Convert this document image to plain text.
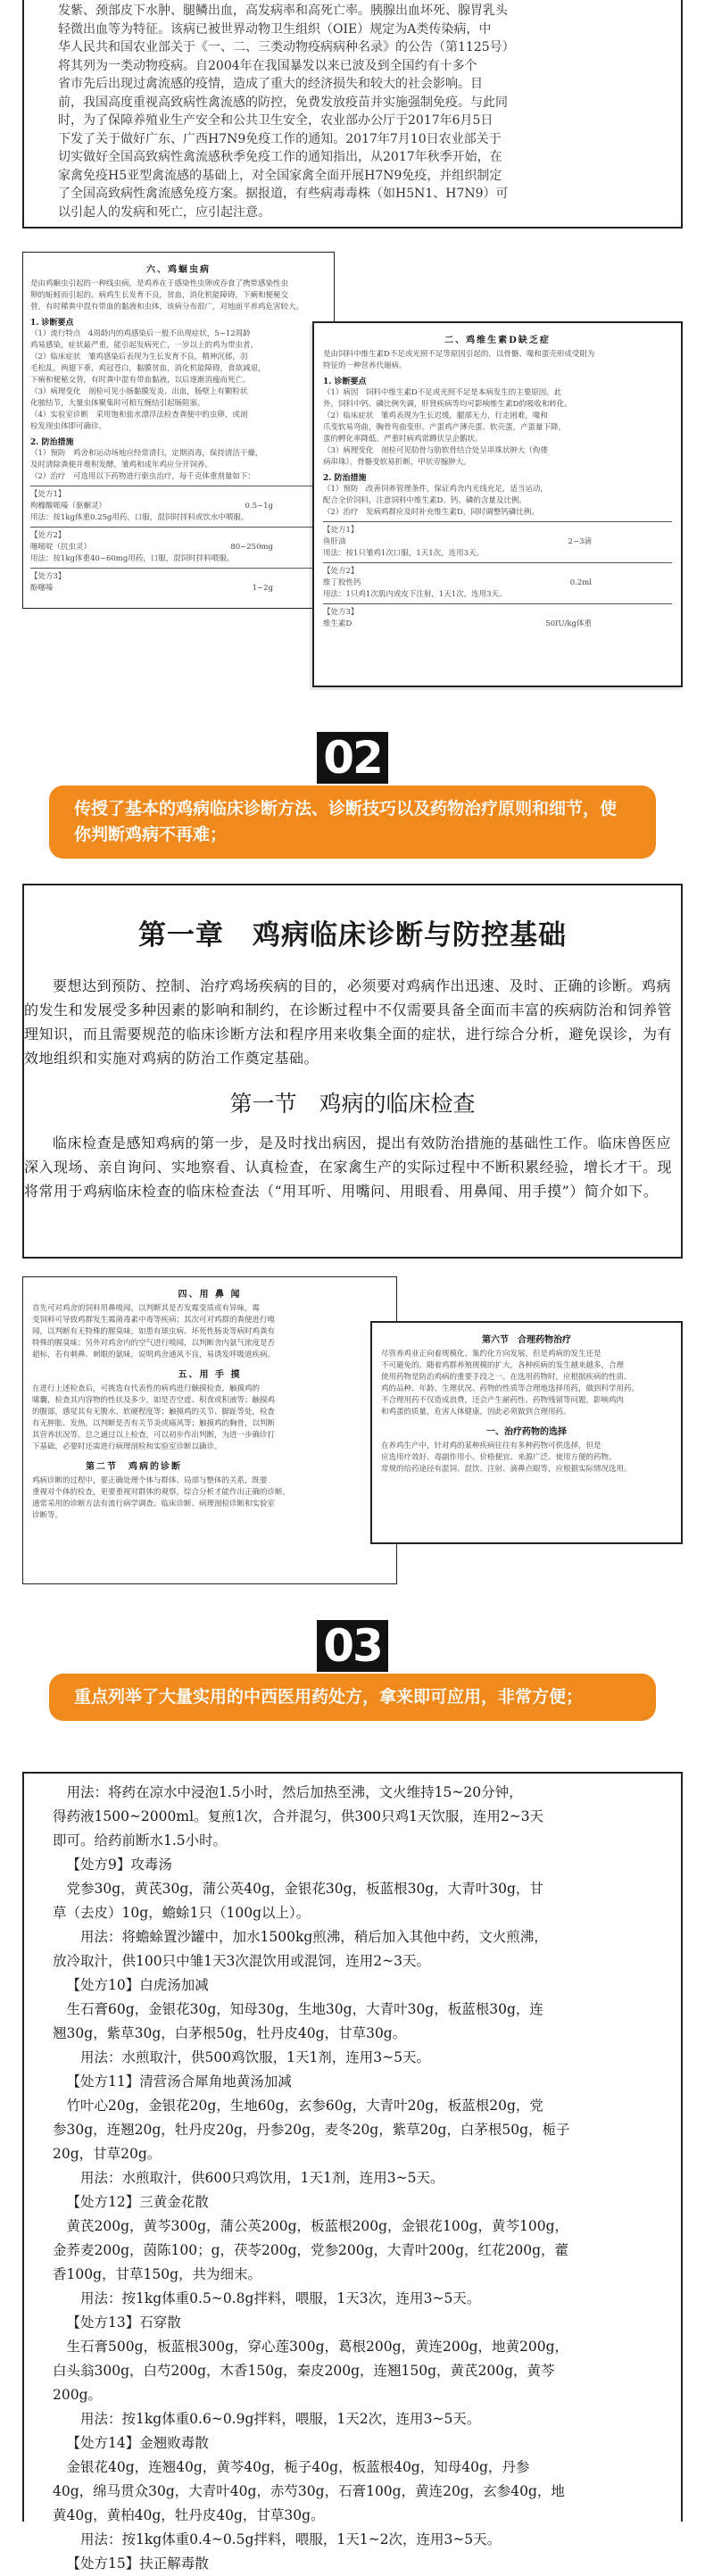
发紫、颈部皮下水肿、腿鳞出血，高发病率和高死亡率。胰腺出血坏死、腺胃乳头

轻微出血等为特征。该病已被世界动物卫生组织（OIE）规定为A类传染病，中

华人民共和国农业部关于《一、二、三类动物疫病病种名录》的公告（第1125号）

将其列为一类动物疫病。自2004年在我国暴发以来已波及到全国约有十多个

省市先后出现过禽流感的疫情，造成了重大的经济损失和较大的社会影响。目

前，我国高度重视高致病性禽流感的防控，免费发放疫苗并实施强制免疫。与此同

时，为了保障养殖业生产安全和公共卫生安全，农业部办公厅于2017年6月5日

下发了关于做好广东、广西H7N9免疫工作的通知。2017年7月10日农业部关于

切实做好全国高致病性禽流感秋季免疫工作的通知指出，从2017年秋季开始，在

家禽免疫H5亚型禽流感的基础上，对全国家禽全面开展H7N9免疫，并组织制定

了全国高致病性禽流感免疫方案。据报道，有些病毒毒株（如H5N1、H7N9）可

以引起人的发病和死亡，应引起注意。

六、鸡蛔虫病

是由鸡蛔虫引起的一种线虫病，是鸡养在于感染性虫卵或吞食了携带感染性虫

卵的蚯蚓而引起的。病鸡生长发育不良，贫血，消化机能障碍，下痢和便秘交

替，有时稀粪中混有带血的黏液和虫体，该病分布很广，对地面平养鸡危害较大。

1. 诊断要点

（1）流行特点　4周龄内的鸡感染后一般不出现症状，5~12周龄

鸡易感染，症状最严重，能引起发病死亡，一岁以上的鸡为带虫者。

（2）临床症状　雏鸡感染后表现为生长发育不良，精神沉郁，羽

毛松乱，两翅下垂，鸡冠苍白，黏膜贫血，消化机能障碍，食欲减退，

下痢和便秘交替，有时粪中混有带血黏液，以后逐渐消瘦而死亡。

（3）病理变化　剖检可见小肠黏膜发炎、出血，肠壁上有颗粒状

化脓结节，大量虫体聚集时可相互缠结引起肠阻塞。

（4）实验室诊断　采用饱和盐水漂浮法检查粪便中的虫卵，或剖

检发现虫体即可确诊。

2. 防治措施

（1）预防　鸡舍和运动场地应经常清扫，定期消毒，保持清洁干燥，

及时清除粪便并堆积发酵，雏鸡和成年鸡应分开饲养。

（2）治疗　可选用以下药物进行驱虫治疗，每千克体重剂量如下：

【处方1】

枸橼酸哌嗪（驱蛔灵）	0.5~1g

用法：按1kg体重0.25g用药，口服，混饲时拌料或饮水中喂服。

【处方2】

噻嘧啶（抗虫灵）	80~250mg

用法：按1kg体重40~60mg用药，口服，混饲时拌料喂服。

【处方3】

酚噻嗪	1~2g
二、鸡维生素D缺乏症

是由饲料中维生素D不足或光照不足等原因引起的，以骨骼、喙和蛋壳形成受阻为

特征的一种营养代谢病。

1. 诊断要点

（1）病因　饲料中维生素D不足或光照不足是本病发生的主要原因。此

外，饲料中钙、磷比例失调，肝肾疾病等均可影响维生素D的吸收和转化。

（2）临床症状　雏鸡表现为生长迟缓，腿部无力，行走困难，喙和

爪变软易弯曲，胸骨弯曲变形。产蛋鸡产薄壳蛋、软壳蛋，产蛋量下降，

蛋的孵化率降低。严重时病鸡常蹲伏呈企鹅状。

（3）病理变化　剖检可见肋骨与肋软骨结合处呈串珠状肿大（佝偻

病串珠），骨骼变软易折断，甲状旁腺肿大。

2. 防治措施

（1）预防　改善饲养管理条件，保证鸡舍内光线充足，适当运动，

配合全价饲料，注意饲料中维生素D、钙、磷的含量及比例。

（2）治疗　发病鸡群应及时补充维生素D，同时调整钙磷比例。

【处方1】

鱼肝油	2~3滴

用法：按1只雏鸡1次口服，1天1次，连用3天。

【处方2】

维丁胶性钙	0.2ml

用法：1只鸡1次肌内或皮下注射，1天1次，连用3天。

【处方3】

维生素D	50IU/kg体重
02
传授了基本的鸡病临床诊断方法、诊断技巧以及药物治疗原则和细节，使你判断鸡病不再难；
第一章　鸡病临床诊断与防控基础

要想达到预防、控制、治疗鸡场疾病的目的，必须要对鸡病作出迅速、及时、正确的诊断。鸡病的发生和发展受多种因素的影响和制约，在诊断过程中不仅需要具备全面而丰富的疾病防治和饲养管理知识，而且需要规范的临床诊断方法和程序用来收集全面的症状，进行综合分析，避免误诊，为有效地组织和实施对鸡病的防治工作奠定基础。

第一节　鸡病的临床检查

临床检查是感知鸡病的第一步，是及时找出病因，提出有效防治措施的基础性工作。临床兽医应深入现场、亲自询问、实地察看、认真检查，在家禽生产的实际过程中不断积累经验，增长才干。现将常用于鸡病临床检查的临床检查法（“用耳听、用嘴问、用眼看、用鼻闻、用手摸”）简介如下。

四、用 鼻 闻

首先可对鸡舍的饲料用鼻嗅闻，以判断其是否发霉变质或有异味，霉

变饲料可导致鸡群发生霉菌毒素中毒等疾病；其次可对鸡群的粪便进行嗅

闻，以判断有无特殊的腥臭味，如患有球虫病、坏死性肠炎等病时鸡粪有

特殊的腥臭味；另外对鸡舍内的空气进行嗅闻，以判断舍内氨气浓度是否

超标，若有刺鼻、刺眼的氨味，说明鸡舍通风不良，易诱发呼吸道疾病。

五、用 手 摸

在进行上述检查后，可挑选有代表性的病鸡进行触摸检查，触摸鸡的

嗉囊，检查其内容物的性状及多少，如是否空虚、积食或积液等；触摸鸡

的腹部，感觉其有无腹水、软硬程度等；触摸鸡的关节、脚趾等处，检查

有无肿胀、发热，以判断是否有关节炎或痛风等；触摸鸡的胸骨，以判断

其营养状况等。总之通过以上检查，可以初步作出判断，为进一步确诊打

下基础，必要时还需进行病理剖检和实验室诊断以确诊。

第二节　鸡病的诊断

鸡病诊断的过程中，要正确处理个体与群体、局部与整体的关系，既要

重视对个体的检查，更要重视对群体的观察，综合分析才能作出正确的诊断。

通常采用的诊断方法有流行病学调查、临床诊断、病理剖检诊断和实验室

诊断等。

第六节　合理药物治疗

尽管养鸡业正向着规模化、集约化方向发展，但是鸡病的发生还是

不可避免的。随着鸡群养殖规模的扩大，各种疾病的发生越来越多，合理

使用药物是防治鸡病的重要手段之一。在选用药物时，应根据疾病的性质、

鸡的品种、年龄、生理状况、药物的性质等合理地选择用药，做到科学用药。

不合理用药不仅造成浪费，还会产生耐药性、药物残留等问题，影响鸡肉

和鸡蛋的质量，危害人体健康，因此必须做到合理用药。

一、治疗药物的选择

在养鸡生产中，针对鸡的某种疾病往往有多种药物可供选择，但是

应选用疗效好、毒副作用小、价格便宜、来源广泛、使用方便的药物。

常规的给药途径有混饲、混饮、注射、滴鼻点眼等，应根据实际情况选用。

03
重点列举了大量实用的中西医用药处方，拿来即可应用，非常方便；

用法：将药在凉水中浸泡1.5小时，然后加热至沸，文火维持15~20分钟，

得药液1500~2000ml。复煎1次，合并混匀，供300只鸡1天饮服，连用2~3天

即可。给药前断水1.5小时。

【处方9】攻毒汤

党参30g，黄芪30g，蒲公英40g，金银花30g，板蓝根30g，大青叶30g，甘

草（去皮）10g，蟾蜍1只（100g以上）。

用法：将蟾蜍置沙罐中，加水1500kg煎沸，稍后加入其他中药，文火煎沸，

放冷取汁，供100只中雏1天3次混饮用或混饲，连用2~3天。

【处方10】白虎汤加减

生石膏60g，金银花30g，知母30g，生地30g，大青叶30g，板蓝根30g，连

翘30g，紫草30g，白茅根50g，牡丹皮40g，甘草30g。

用法：水煎取汁，供500鸡饮服，1天1剂，连用3~5天。

【处方11】清营汤合犀角地黄汤加减

竹叶心20g，金银花20g，生地60g，玄参60g，大青叶20g，板蓝根20g，党

参30g，连翘20g，牡丹皮20g，丹参20g，麦冬20g，紫草20g，白茅根50g，栀子

20g，甘草20g。

用法：水煎取汁，供600只鸡饮用，1天1剂，连用3~5天。

【处方12】三黄金花散

黄芪200g，黄芩300g，蒲公英200g，板蓝根200g，金银花100g，黄芩100g，

金荞麦200g，茵陈100；g，茯苓200g，党参200g，大青叶200g，红花200g，藿

香100g，甘草150g，共为细末。

用法：按1kg体重0.5~0.8g拌料，喂服，1天3次，连用3~5天。

【处方13】石穿散

生石膏500g，板蓝根300g，穿心莲300g，葛根200g，黄连200g，地黄200g，

白头翁300g，白芍200g，木香150g，秦皮200g，连翘150g，黄芪200g，黄芩

200g。

用法：按1kg体重0.6~0.9g拌料，喂服，1天2次，连用3~5天。

【处方14】金翘败毒散

金银花40g，连翘40g，黄芩40g，栀子40g，板蓝根40g，知母40g，丹参

40g，绵马贯众30g，大青叶40g，赤芍30g，石膏100g，黄连20g，玄参40g，地

黄40g，黄柏40g，牡丹皮40g，甘草30g。

用法：按1kg体重0.4~0.5g拌料，喂服，1天1~2次，连用3~5天。

【处方15】扶正解毒散
